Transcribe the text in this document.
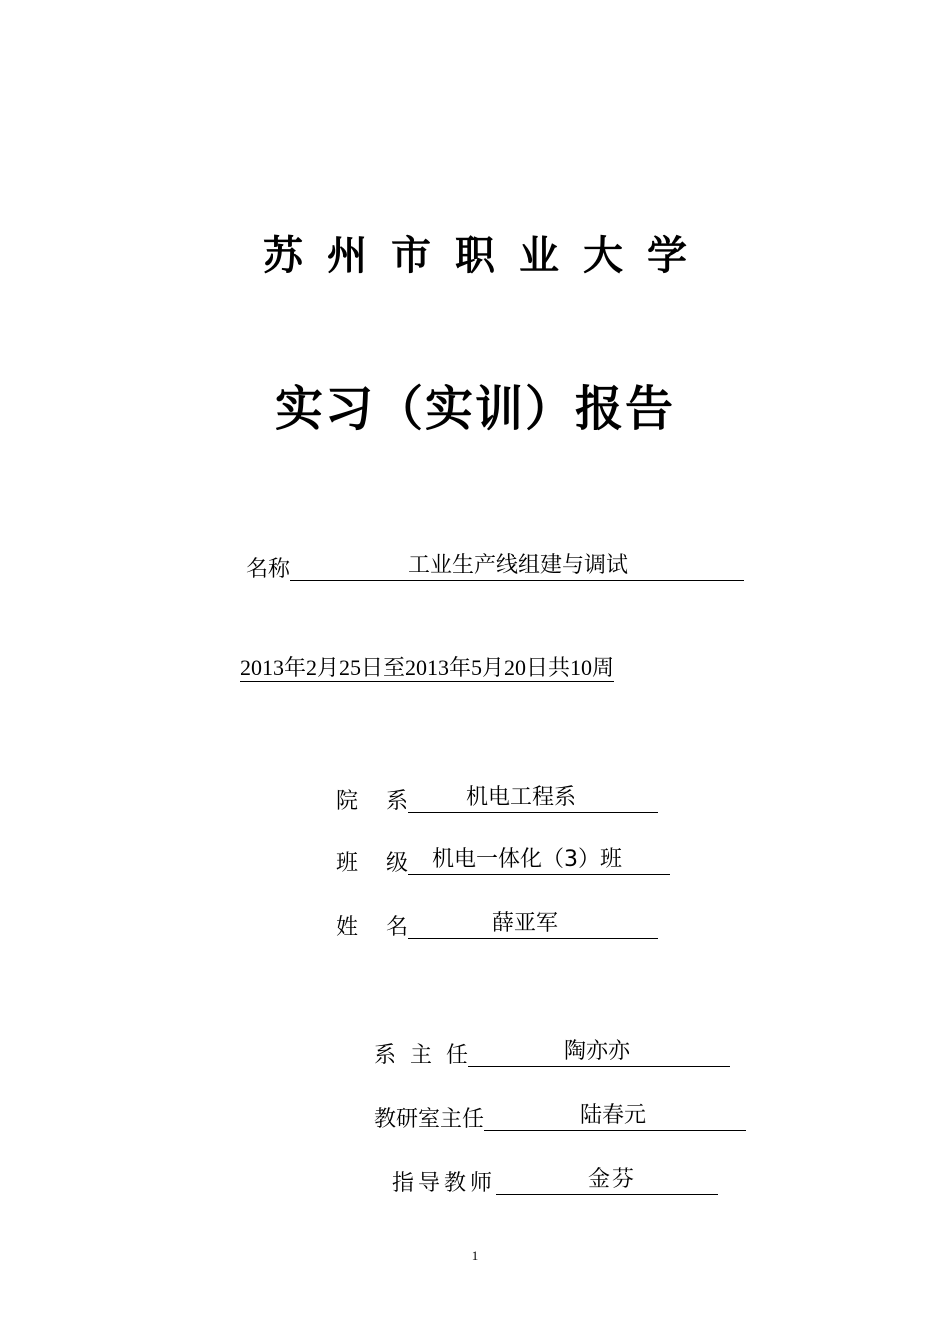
苏州市职业大学
实习（实训）报告
名称	工业生产线组建与调试
2013年2月25日至2013年5月20日共10周
院    系	机电工程系
班    级 机电一体化（3）班
姓    名	薛亚军
系  主  任	陶亦亦
教研室主任	陆春元
指导教师	金芬
1
